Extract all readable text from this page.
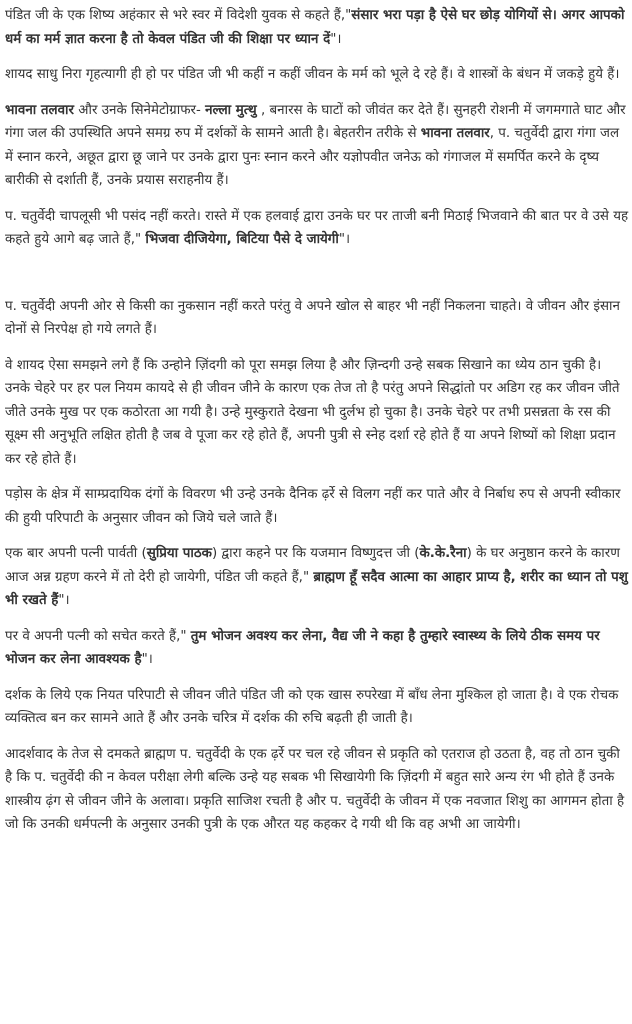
पंडित जी के एक शिष्य अहंकार से भरे स्वर में विदेशी युवक से कहते हैं,"संसार भरा पड़ा है ऐसे घर छोड़ योगियों से। अगर आपको धर्म का मर्म ज्ञात करना है तो केवल पंडित जी की शिक्षा पर ध्यान दें"।

शायद साधु निरा गृहत्यागी ही हो पर पंडित जी भी कहीं न कहीं जीवन के मर्म को भूले दे रहे हैं। वे शास्त्रों के बंधन में जकड़े हुये हैं।

भावना तलवार और उनके सिनेमेटोग्राफर- नल्ला मुत्थु , बनारस के घाटों को जीवंत कर देते हैं। सुनहरी रोशनी में जगमगाते घाट और गंगा जल की उपस्थिति अपने समग्र रुप में दर्शकों के सामने आती है। बेहतरीन तरीके से भावना तलवार, प. चतुर्वेदी द्वारा गंगा जल में स्नान करने, अछूत द्वारा छू जाने पर उनके द्वारा पुनः स्नान करने और यज्ञोपवीत जनेऊ को गंगाजल में समर्पित करने के दृष्य बारीकी से दर्शाती हैं, उनके प्रयास सराहनीय हैं।

प. चतुर्वेदी चापलूसी भी पसंद नहीं करते। रास्ते में एक हलवाई द्वारा उनके घर पर ताजी बनी मिठाई भिजवाने की बात पर वे उसे यह कहते हुये आगे बढ़ जाते हैं," भिजवा दीजियेगा, बिटिया पैसे दे जायेगी"।

प. चतुर्वेदी अपनी ओर से किसी का नुकसान नहीं करते परंतु वे अपने खोल से बाहर भी नहीं निकलना चाहते। वे जीवन और इंसान दोनों से निरपेक्ष हो गये लगते हैं।

वे शायद ऐसा समझने लगे हैं कि उन्होने ज़िंदगी को पूरा समझ लिया है और ज़िन्दगी उन्हे सबक सिखाने का ध्येय ठान चुकी है। उनके चेहरे पर हर पल नियम कायदे से ही जीवन जीने के कारण एक तेज तो है परंतु अपने सिद्धांतो पर अडिग रह कर जीवन जीते जीते उनके मुख पर एक कठोरता आ गयी है। उन्हे मुस्कुराते देखना भी दुर्लभ हो चुका है। उनके चेहरे पर तभी प्रसन्नता के रस की सूक्ष्म सी अनुभूति लक्षित होती है जब वे पूजा कर रहे होते हैं, अपनी पुत्री से स्नेह दर्शा रहे होते हैं या अपने शिष्यों को शिक्षा प्रदान कर रहे होते हैं।

पड़ोस के क्षेत्र में साम्प्रदायिक दंगों के विवरण भी उन्हे उनके दैनिक ढ़र्रे से विलग नहीं कर पाते और वे निर्बाध रुप से अपनी स्वीकार की हुयी परिपाटी के अनुसार जीवन को जिये चले जाते हैं।

एक बार अपनी पत्नी पार्वती (सुप्रिया पाठक) द्वारा कहने पर कि यजमान विष्णुदत्त जी (के.के.रैना) के घर अनुष्ठान करने के कारण आज अन्न ग्रहण करने में तो देरी हो जायेगी, पंडित जी कहते हैं," ब्राह्मण हूँ सदैव आत्मा का आहार प्राप्य है, शरीर का ध्यान तो पशु भी रखते हैं"।

पर वे अपनी पत्नी को सचेत करते हैं," तुम भोजन अवश्य कर लेना, वैद्य जी ने कहा है तुम्हारे स्वास्थ्य के लिये ठीक समय पर भोजन कर लेना आवश्यक है"।

दर्शक के लिये एक नियत परिपाटी से जीवन जीते पंडित जी को एक खास रुपरेखा में बाँध लेना मुश्किल हो जाता है। वे एक रोचक व्यक्तित्व बन कर सामने आते हैं और उनके चरित्र में दर्शक की रुचि बढ़ती ही जाती है।

आदर्शवाद के तेज से दमकते ब्राह्मण प. चतुर्वेदी के एक ढ़र्रे पर चल रहे जीवन से प्रकृति को एतराज हो उठता है, वह तो ठान चुकी है कि प. चतुर्वेदी की न केवल परीक्षा लेगी बल्कि उन्हे यह सबक भी सिखायेगी कि ज़िंदगी में बहुत सारे अन्य रंग भी होते हैं उनके शास्त्रीय ढ़ंग से जीवन जीने के अलावा। प्रकृति साजिश रचती है और प. चतुर्वेदी के जीवन में एक नवजात शिशु का आगमन होता है जो कि उनकी धर्मपत्नी के अनुसार उनकी पुत्री के एक औरत यह कहकर दे गयी थी कि वह अभी आ जायेगी।
